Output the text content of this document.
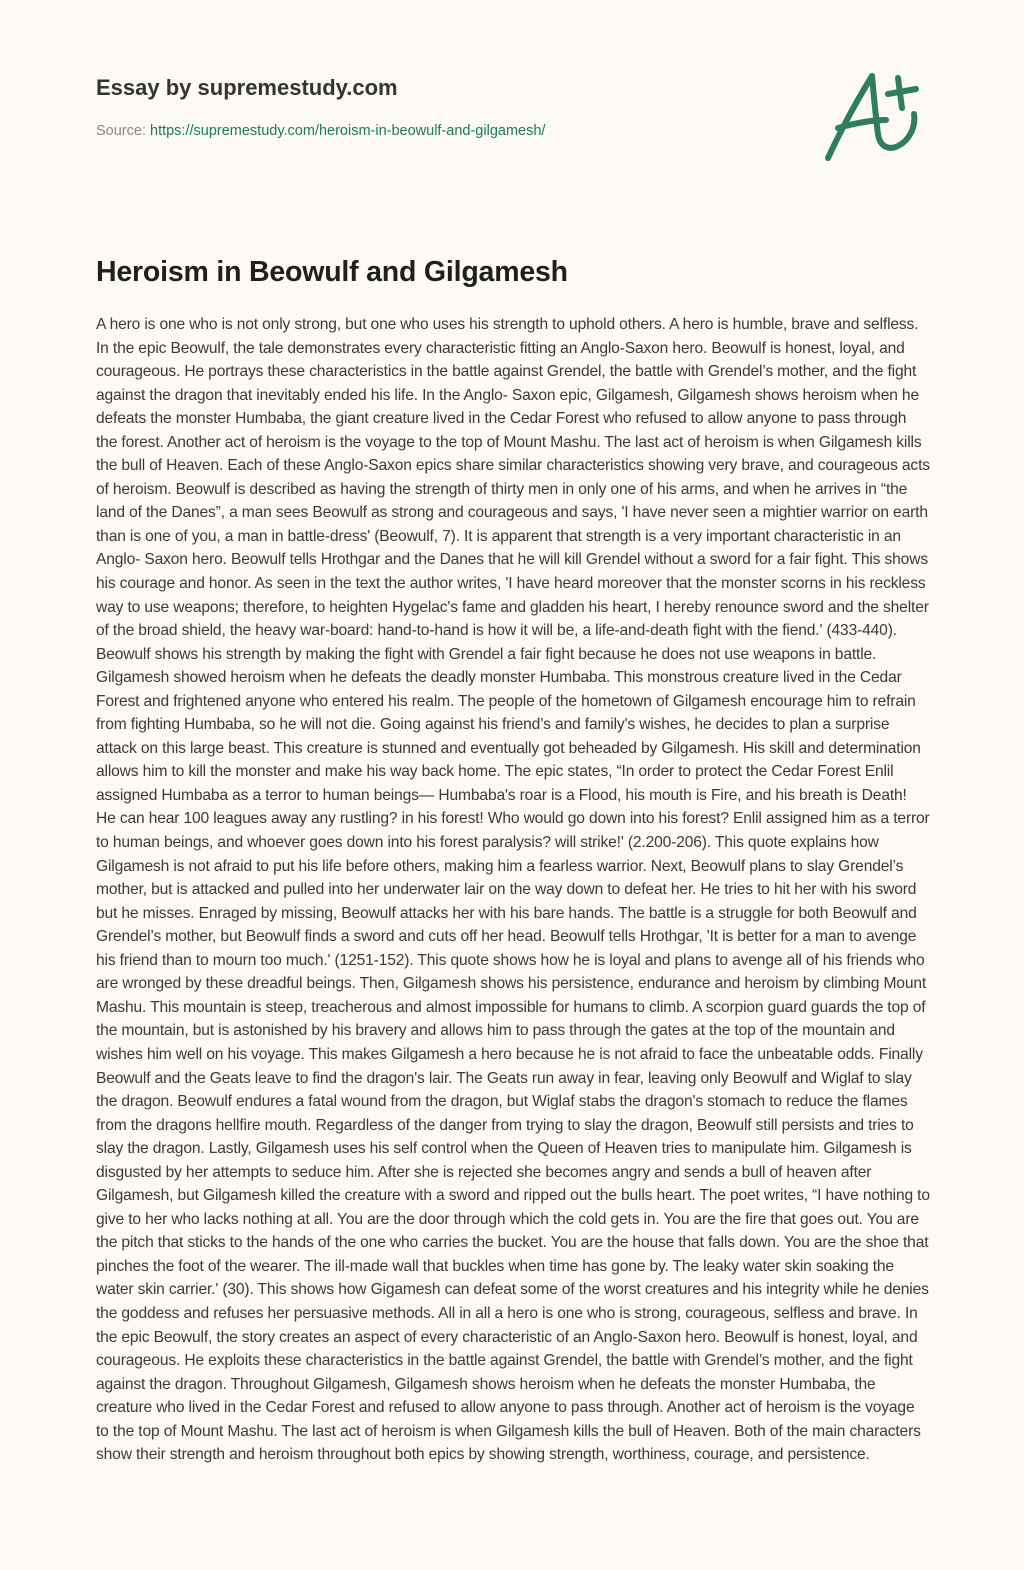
Essay by supremestudy.com
Source: https://supremestudy.com/heroism-in-beowulf-and-gilgamesh/
Heroism in Beowulf and Gilgamesh

A hero is one who is not only strong, but one who uses his strength to uphold others. A hero is humble, brave and selfless. In the epic Beowulf, the tale demonstrates every characteristic fitting an Anglo-Saxon hero. Beowulf is honest, loyal, and courageous. He portrays these characteristics in the battle against Grendel, the battle with Grendel’s mother, and the fight against the dragon that inevitably ended his life. In the Anglo- Saxon epic, Gilgamesh, Gilgamesh shows heroism when he defeats the monster Humbaba, the giant creature lived in the Cedar Forest who refused to allow anyone to pass through the forest. Another act of heroism is the voyage to the top of Mount Mashu. The last act of heroism is when Gilgamesh kills the bull of Heaven. Each of these Anglo-Saxon epics share similar characteristics showing very brave, and courageous acts of heroism. Beowulf is described as having the strength of thirty men in only one of his arms, and when he arrives in “the land of the Danes”, a man sees Beowulf as strong and courageous and says, 'I have never seen a mightier warrior on earth than is one of you, a man in battle-dress' (Beowulf, 7). It is apparent that strength is a very important characteristic in an Anglo- Saxon hero. Beowulf tells Hrothgar and the Danes that he will kill Grendel without a sword for a fair fight. This shows his courage and honor. As seen in the text the author writes, 'I have heard moreover that the monster scorns in his reckless way to use weapons; therefore, to heighten Hygelac's fame and gladden his heart, I hereby renounce sword and the shelter of the broad shield, the heavy war-board: hand-to-hand is how it will be, a life-and-death fight with the fiend.' (433-440). Beowulf shows his strength by making the fight with Grendel a fair fight because he does not use weapons in battle. Gilgamesh showed heroism when he defeats the deadly monster Humbaba. This monstrous creature lived in the Cedar Forest and frightened anyone who entered his realm. The people of the hometown of Gilgamesh encourage him to refrain from fighting Humbaba, so he will not die. Going against his friend’s and family's wishes, he decides to plan a surprise attack on this large beast. This creature is stunned and eventually got beheaded by Gilgamesh. His skill and determination allows him to kill the monster and make his way back home. The epic states, “In order to protect the Cedar Forest Enlil assigned Humbaba as a terror to human beings— Humbaba's roar is a Flood, his mouth is Fire, and his breath is Death! He can hear 100 leagues away any rustling? in his forest! Who would go down into his forest? Enlil assigned him as a terror to human beings, and whoever goes down into his forest paralysis? will strike!' (2.200-206). This quote explains how Gilgamesh is not afraid to put his life before others, making him a fearless warrior. Next, Beowulf plans to slay Grendel’s mother, but is attacked and pulled into her underwater lair on the way down to defeat her. He tries to hit her with his sword but he misses. Enraged by missing, Beowulf attacks her with his bare hands. The battle is a struggle for both Beowulf and Grendel’s mother, but Beowulf finds a sword and cuts off her head. Beowulf tells Hrothgar, 'It is better for a man to avenge his friend than to mourn too much.' (1251-152). This quote shows how he is loyal and plans to avenge all of his friends who are wronged by these dreadful beings. Then, Gilgamesh shows his persistence, endurance and heroism by climbing Mount Mashu. This mountain is steep, treacherous and almost impossible for humans to climb. A scorpion guard guards the top of the mountain, but is astonished by his bravery and allows him to pass through the gates at the top of the mountain and wishes him well on his voyage. This makes Gilgamesh a hero because he is not afraid to face the unbeatable odds. Finally Beowulf and the Geats leave to find the dragon's lair. The Geats run away in fear, leaving only Beowulf and Wiglaf to slay the dragon. Beowulf endures a fatal wound from the dragon, but Wiglaf stabs the dragon's stomach to reduce the flames from the dragons hellfire mouth. Regardless of the danger from trying to slay the dragon, Beowulf still persists and tries to slay the dragon. Lastly, Gilgamesh uses his self control when the Queen of Heaven tries to manipulate him. Gilgamesh is disgusted by her attempts to seduce him. After she is rejected she becomes angry and sends a bull of heaven after Gilgamesh, but Gilgamesh killed the creature with a sword and ripped out the bulls heart. The poet writes, “I have nothing to give to her who lacks nothing at all. You are the door through which the cold gets in. You are the fire that goes out. You are the pitch that sticks to the hands of the one who carries the bucket. You are the house that falls down. You are the shoe that pinches the foot of the wearer. The ill-made wall that buckles when time has gone by. The leaky water skin soaking the water skin carrier.' (30). This shows how Gigamesh can defeat some of the worst creatures and his integrity while he denies the goddess and refuses her persuasive methods. All in all a hero is one who is strong, courageous, selfless and brave. In the epic Beowulf, the story creates an aspect of every characteristic of an Anglo-Saxon hero. Beowulf is honest, loyal, and courageous. He exploits these characteristics in the battle against Grendel, the battle with Grendel’s mother, and the fight against the dragon. Throughout Gilgamesh, Gilgamesh shows heroism when he defeats the monster Humbaba, the creature who lived in the Cedar Forest and refused to allow anyone to pass through. Another act of heroism is the voyage to the top of Mount Mashu. The last act of heroism is when Gilgamesh kills the bull of Heaven. Both of the main characters show their strength and heroism throughout both epics by showing strength, worthiness, courage, and persistence.
